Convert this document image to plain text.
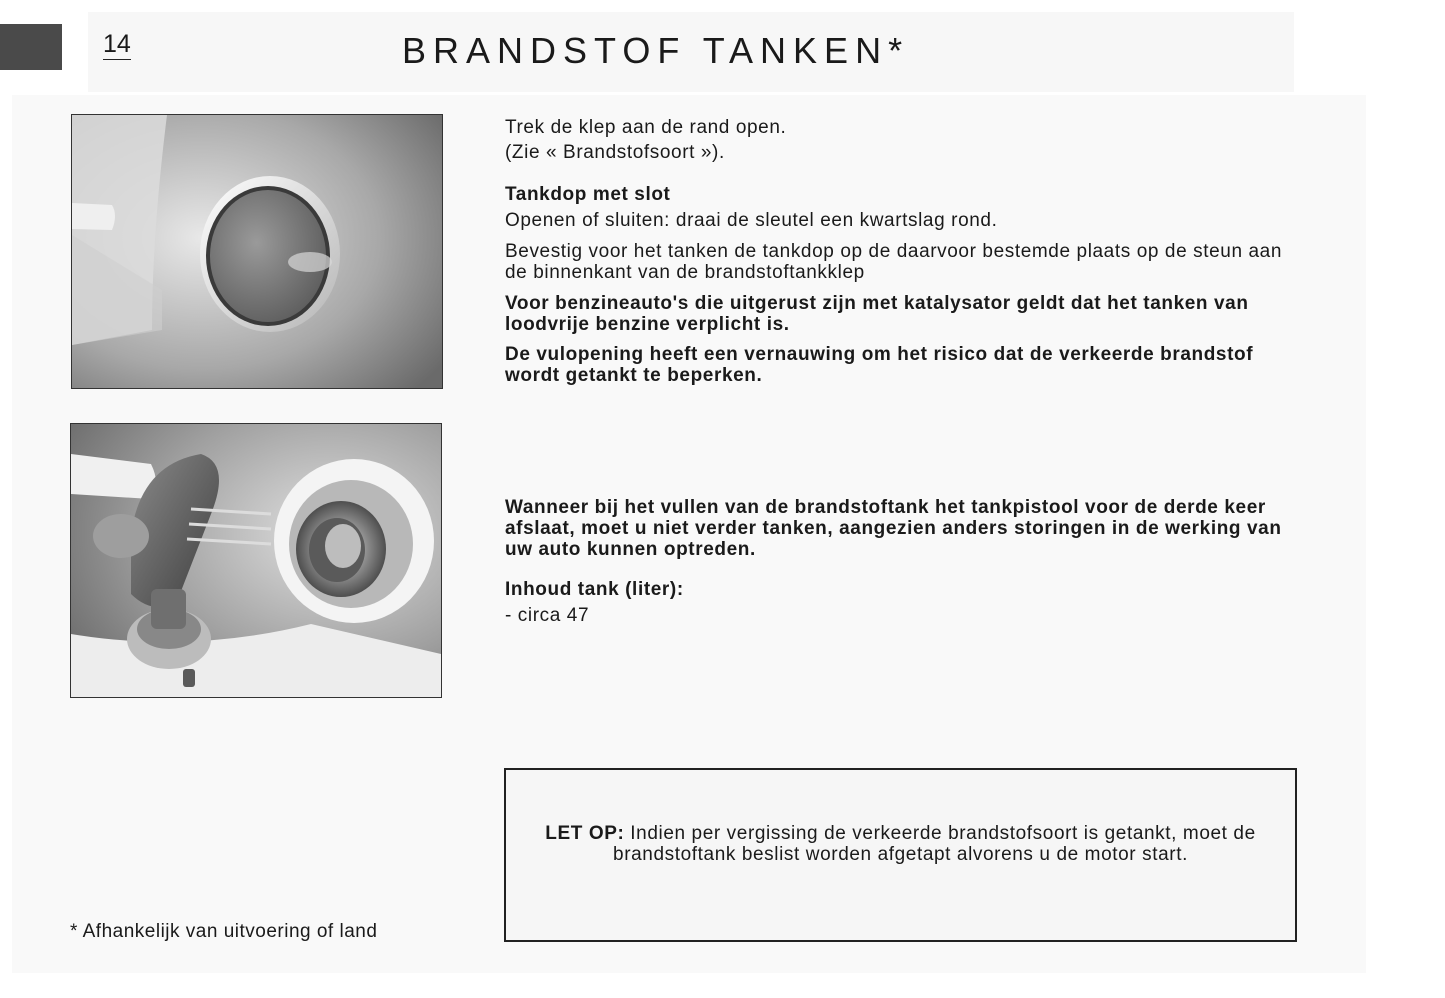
14	BRANDSTOF TANKEN*

Trek de klep aan de rand open.

(Zie « Brandstofsoort »).

Tankdop met slot
Openen of sluiten: draai de sleutel een kwartslag rond.
Bevestig voor het tanken de tankdop op de daarvoor bestemde plaats op de steun aan de binnenkant van de brandstoftankklep
Voor benzineauto's die uitgerust zijn met katalysator geldt dat het tanken van loodvrije benzine verplicht is.
De vulopening heeft een vernauwing om het risico dat de verkeerde brandstof wordt getankt te beperken.
Wanneer bij het vullen van de brandstoftank het tankpistool voor de derde keer afslaat, moet u niet verder tanken, aangezien anders storingen in de werking van uw auto kunnen optreden.
Inhoud tank (liter):
- circa 47
LET OP: Indien per vergissing de verkeerde brandstofsoort is getankt, moet de brandstoftank beslist worden afgetapt alvorens u de motor start.
* Afhankelijk van uitvoering of land
